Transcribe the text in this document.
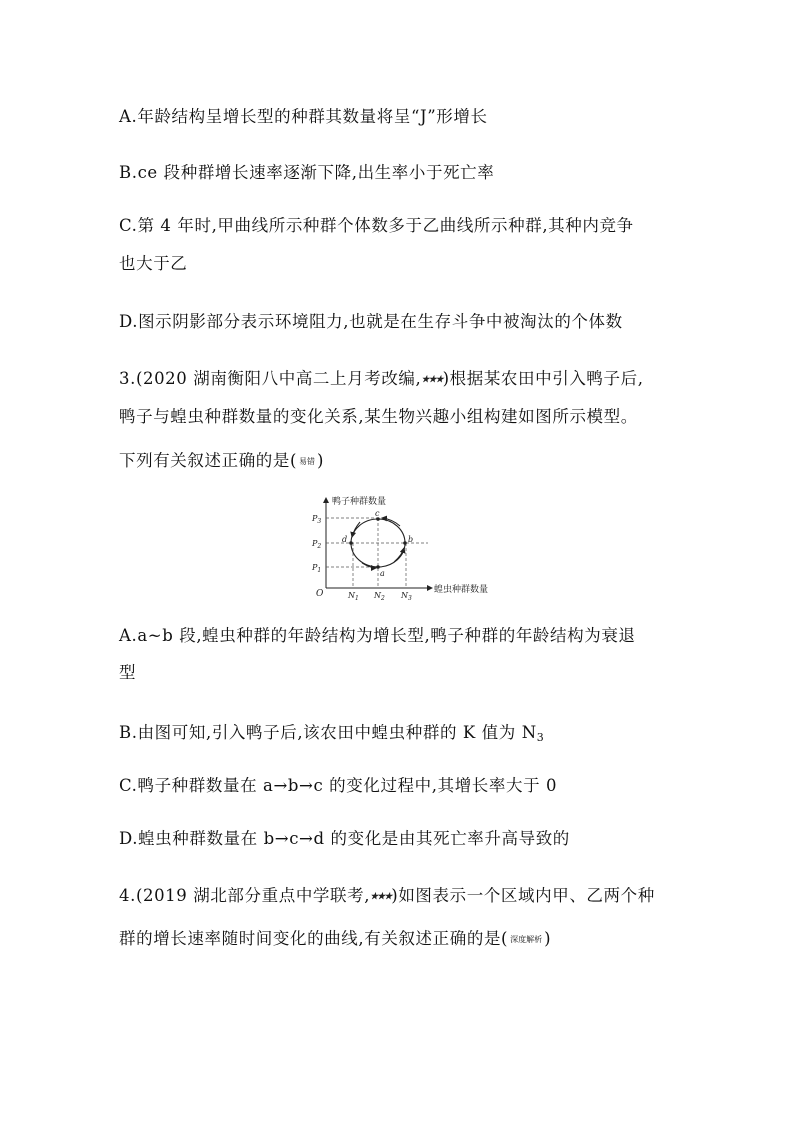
A.年龄结构呈增长型的种群其数量将呈“J”形增长
B.ce 段种群增长速率逐渐下降,出生率小于死亡率
C.第 4 年时,甲曲线所示种群个体数多于乙曲线所示种群,其种内竞争
也大于乙
D.图示阴影部分表示环境阻力,也就是在生存斗争中被淘汰的个体数
3.(2020 湖南衡阳八中高二上月考改编,★★★)根据某农田中引入鸭子后,
鸭子与蝗虫种群数量的变化关系,某生物兴趣小组构建如图所示模型。
下列有关叙述正确的是( 易错 )
鸭子种群数量
蝗虫种群数量
O
$P_3$
$P_2$
$P_1$
$N_1$ $N_2$ $N_3$
a
b
c
d
A.a~b 段,蝗虫种群的年龄结构为增长型,鸭子种群的年龄结构为衰退
型
B.由图可知,引入鸭子后,该农田中蝗虫种群的 K 值为 $N_3$
C.鸭子种群数量在 a→b→c 的变化过程中,其增长率大于 0
D.蝗虫种群数量在 b→c→d 的变化是由其死亡率升高导致的
4.(2019 湖北部分重点中学联考,★★★)如图表示一个区域内甲、乙两个种
群的增长速率随时间变化的曲线,有关叙述正确的是( 深度解析 )
